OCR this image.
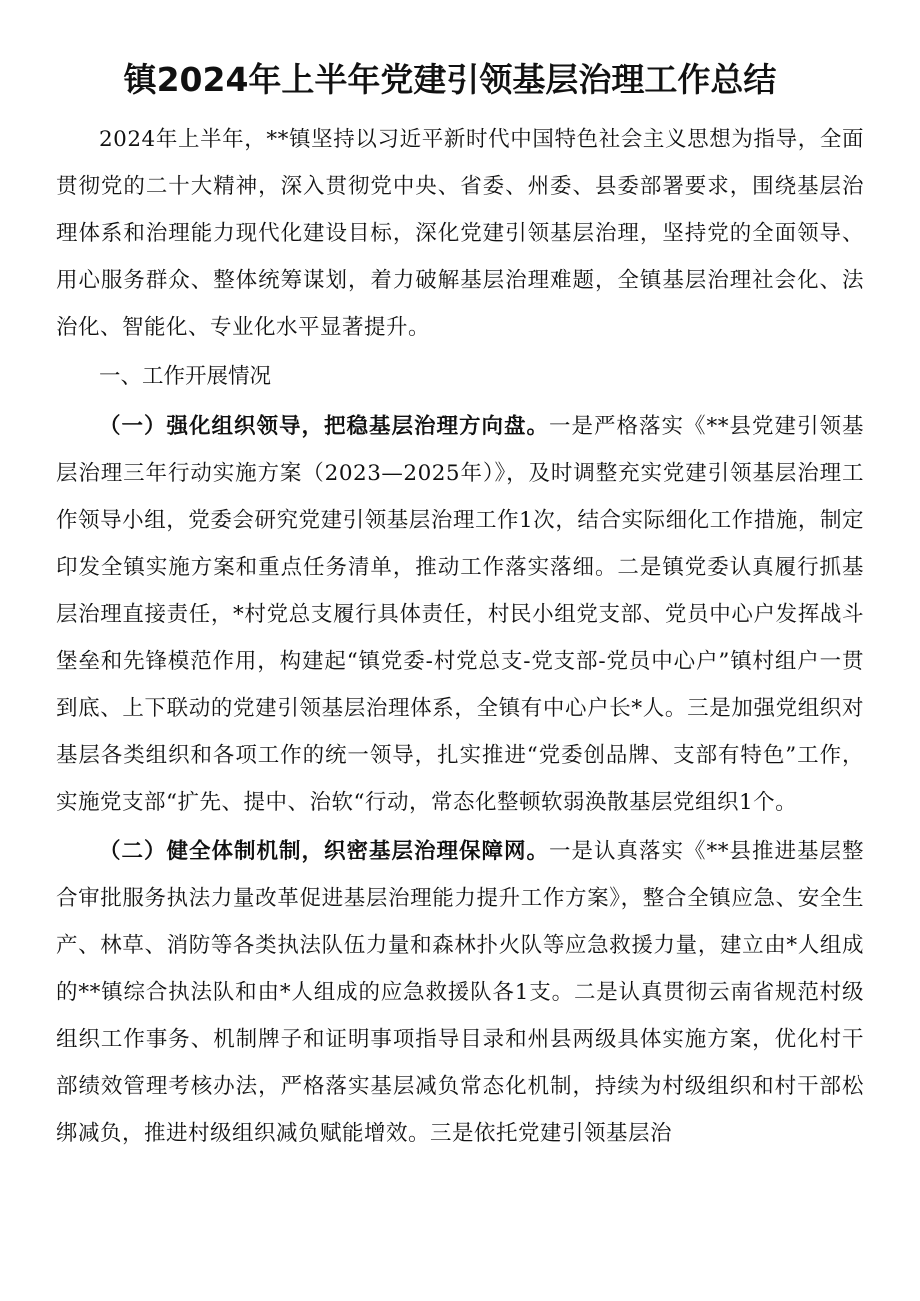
镇2024年上半年党建引领基层治理工作总结

2024年上半年，**镇坚持以习近平新时代中国特色社会主义思想为指导，全面贯彻党的二十大精神，深入贯彻党中央、省委、州委、县委部署要求，围绕基层治理体系和治理能力现代化建设目标，深化党建引领基层治理，坚持党的全面领导、用心服务群众、整体统筹谋划，着力破解基层治理难题，全镇基层治理社会化、法治化、智能化、专业化水平显著提升。

一、工作开展情况

（一）强化组织领导，把稳基层治理方向盘。一是严格落实《**县党建引领基层治理三年行动实施方案（2023—2025年）》，及时调整充实党建引领基层治理工作领导小组，党委会研究党建引领基层治理工作1次，结合实际细化工作措施，制定印发全镇实施方案和重点任务清单，推动工作落实落细。二是镇党委认真履行抓基层治理直接责任，*村党总支履行具体责任，村民小组党支部、党员中心户发挥战斗堡垒和先锋模范作用，构建起“镇党委-村党总支-党支部-党员中心户”镇村组户一贯到底、上下联动的党建引领基层治理体系，全镇有中心户长*人。三是加强党组织对基层各类组织和各项工作的统一领导，扎实推进“党委创品牌、支部有特色”工作，实施党支部“扩先、提中、治软“行动，常态化整顿软弱涣散基层党组织1个。

（二）健全体制机制，织密基层治理保障网。一是认真落实《**县推进基层整合审批服务执法力量改革促进基层治理能力提升工作方案》，整合全镇应急、安全生产、林草、消防等各类执法队伍力量和森林扑火队等应急救援力量，建立由*人组成的**镇综合执法队和由*人组成的应急救援队各1支。二是认真贯彻云南省规范村级组织工作事务、机制牌子和证明事项指导目录和州县两级具体实施方案，优化村干部绩效管理考核办法，严格落实基层减负常态化机制，持续为村级组织和村干部松绑减负，推进村级组织减负赋能增效。三是依托党建引领基层治
